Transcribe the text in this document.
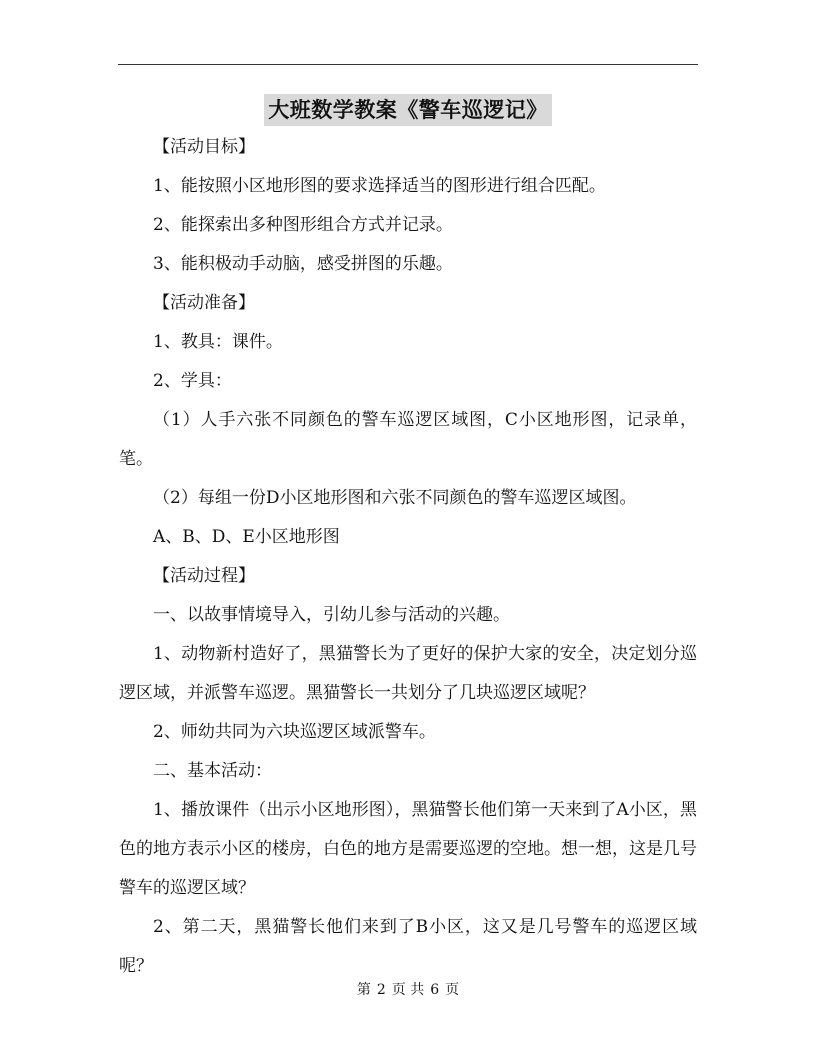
大班数学教案《警车巡逻记》

【活动目标】

1、能按照小区地形图的要求选择适当的图形进行组合匹配。

2、能探索出多种图形组合方式并记录。

3、能积极动手动脑，感受拼图的乐趣。

【活动准备】

1、教具：课件。

2、学具：

（1）人手六张不同颜色的警车巡逻区域图，C小区地形图，记录单，笔。

（2）每组一份D小区地形图和六张不同颜色的警车巡逻区域图。

A、B、D、E小区地形图

【活动过程】

一、以故事情境导入，引幼儿参与活动的兴趣。

1、动物新村造好了，黑猫警长为了更好的保护大家的安全，决定划分巡逻区域，并派警车巡逻。黑猫警长一共划分了几块巡逻区域呢？

2、师幼共同为六块巡逻区域派警车。

二、基本活动：

1、播放课件（出示小区地形图），黑猫警长他们第一天来到了A小区，黑色的地方表示小区的楼房，白色的地方是需要巡逻的空地。想一想，这是几号警车的巡逻区域？

2、第二天，黑猫警长他们来到了B小区，这又是几号警车的巡逻区域呢？

第 2 页 共 6 页
